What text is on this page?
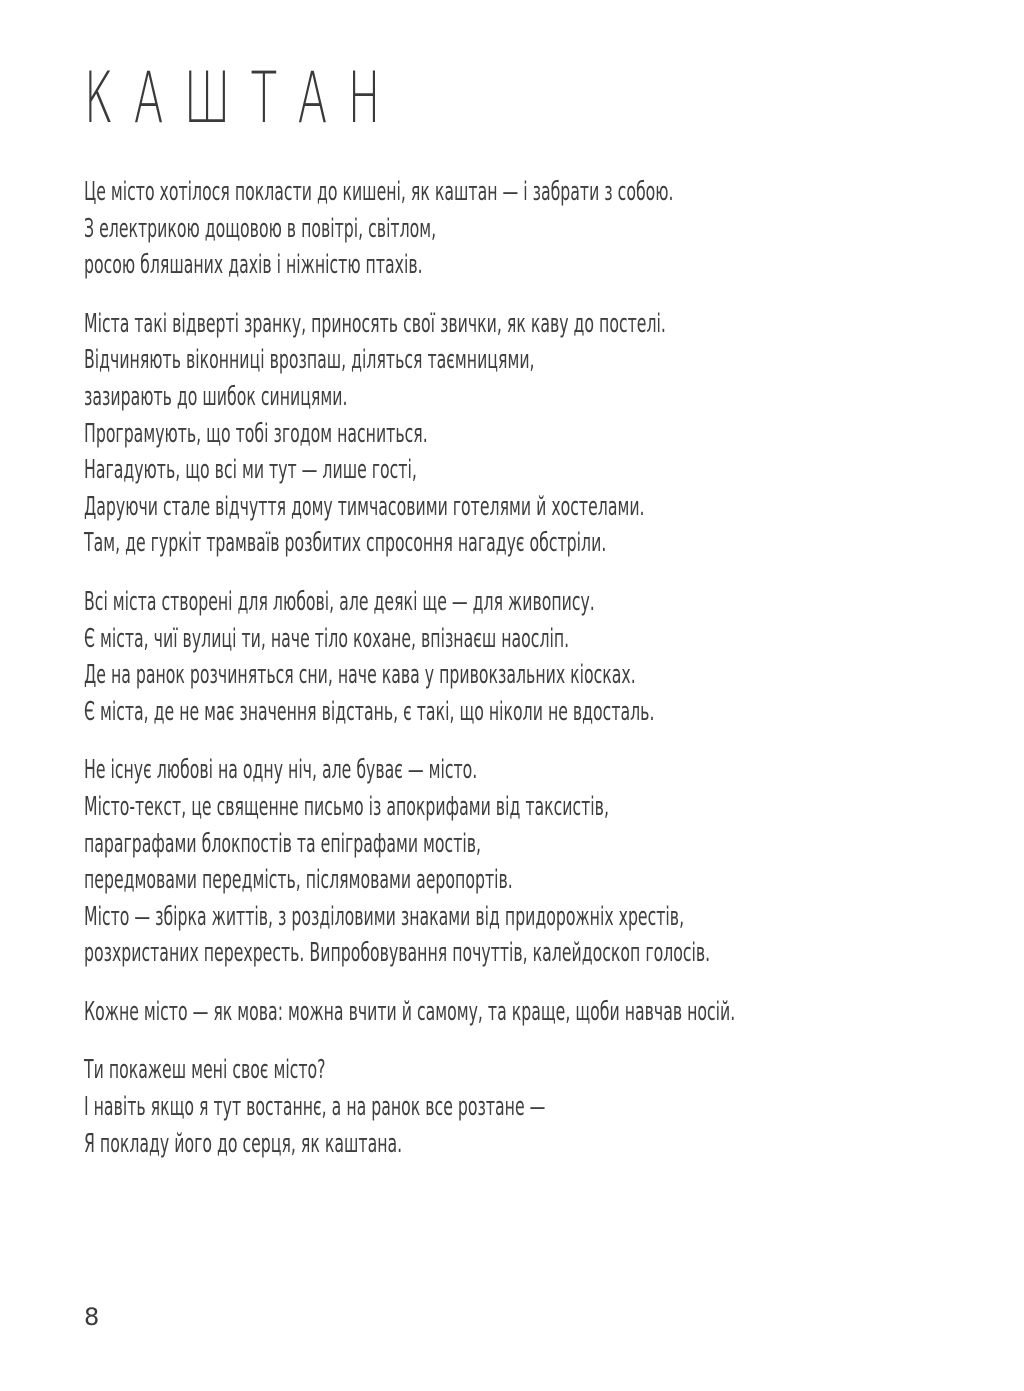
КАШТАН
Це місто хотілося покласти до кишені, як каштан — і забрати з собою.
З електрикою дощовою в повітрі, світлом,
росою бляшаних дахів і ніжністю птахів.
Міста такі відверті зранку, приносять свої звички, як каву до постелі.
Відчиняють віконниці врозпаш, діляться таємницями,
зазирають до шибок синицями.
Програмують, що тобі згодом насниться.
Нагадують, що всі ми тут — лише гості,
Даруючи стале відчуття дому тимчасовими готелями й хостелами.
Там, де гуркіт трамваїв розбитих спросоння нагадує обстріли.
Всі міста створені для любові, але деякі ще — для живопису.
Є міста, чиї вулиці ти, наче тіло кохане, впізнаєш наосліп.
Де на ранок розчиняться сни, наче кава у привокзальних кіосках.
Є міста, де не має значення відстань, є такі, що ніколи не вдосталь.
Не існує любові на одну ніч, але буває — місто.
Місто-текст, це священне письмо із апокрифами від таксистів,
параграфами блокпостів та епіграфами мостів,
передмовами передмість, післямовами аеропортів.
Місто — збірка життів, з розділовими знаками від придорожніх хрестів,
розхристаних перехресть. Випробовування почуттів, калейдоскоп голосів.
Кожне місто — як мова: можна вчити й самому, та краще, щоби навчав носій.
Ти покажеш мені своє місто?
І навіть якщо я тут востаннє, а на ранок все розтане —
Я покладу його до серця, як каштана.
8
